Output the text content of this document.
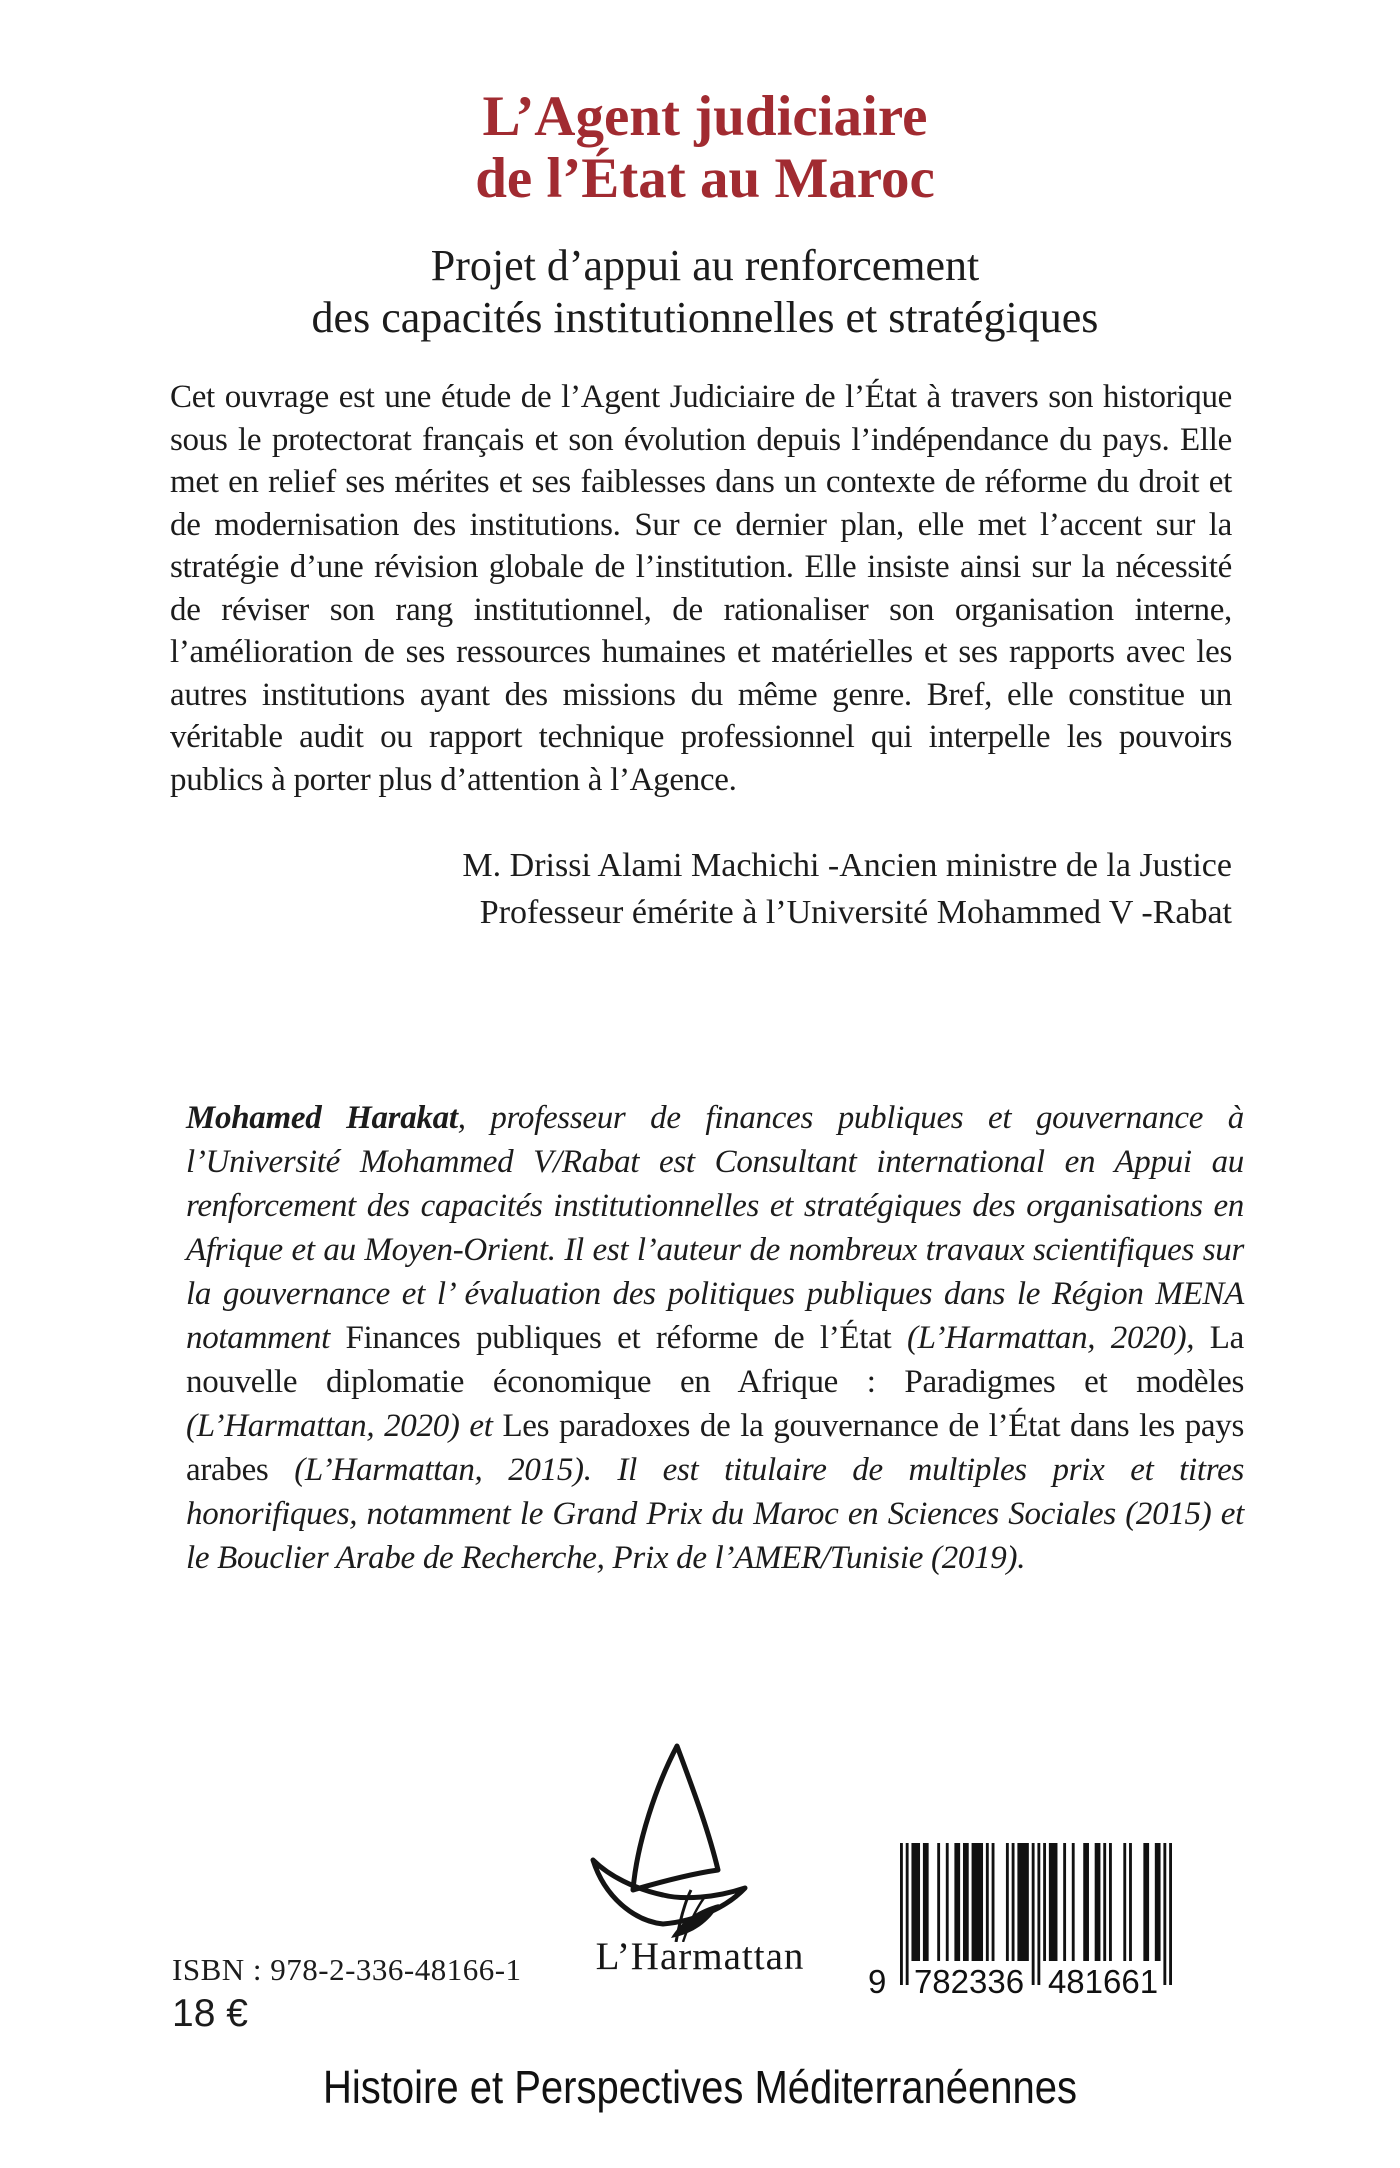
L’Agent judiciaire
de l’État au Maroc
Projet d’appui au renforcement
des capacités institutionnelles et stratégiques

Cet ouvrage est une étude de l’Agent Judiciaire de l’État à travers son historique sous le protectorat français et son évolution depuis l’indépendance du pays. Elle met en relief ses mérites et ses faiblesses dans un contexte de réforme du droit et de modernisation des institutions. Sur ce dernier plan, elle met l’accent sur la stratégie d’une révision globale de l’institution. Elle insiste ainsi sur la nécessité de réviser son rang institutionnel, de rationaliser son organisation interne, l’amélioration de ses ressources humaines et matérielles et ses rapports avec les autres institutions ayant des missions du même genre. Bref, elle constitue un véritable audit ou rapport technique professionnel qui interpelle les pouvoirs publics à porter plus d’attention à l’Agence.

M. Drissi Alami Machichi -Ancien ministre de la Justice
Professeur émérite à l’Université Mohammed V -Rabat

Mohamed Harakat, professeur de finances publiques et gouvernance à l’Université Mohammed V/Rabat est Consultant international en Appui au renforcement des capacités institutionnelles et stratégiques des organisations en Afrique et au Moyen-Orient. Il est l’auteur de nombreux travaux scientifiques sur la gouvernance et l’ évaluation des politiques publiques dans le Région MENA notamment Finances publiques et réforme de l’État (L’Harmattan, 2020), La nouvelle diplomatie économique en Afrique : Paradigmes et modèles (L’Harmattan, 2020) et Les paradoxes de la gouvernance de l’État dans les pays arabes (L’Harmattan, 2015). Il est titulaire de multiples prix et titres honorifiques, notamment le Grand Prix du Maroc en Sciences Sociales (2015) et le Bouclier Arabe de Recherche, Prix de l’AMER/Tunisie (2019).

ISBN : 978-2-336-48166-1
18 €
L’Harmattan
9 782336 481661
Histoire et Perspectives Méditerranéennes
